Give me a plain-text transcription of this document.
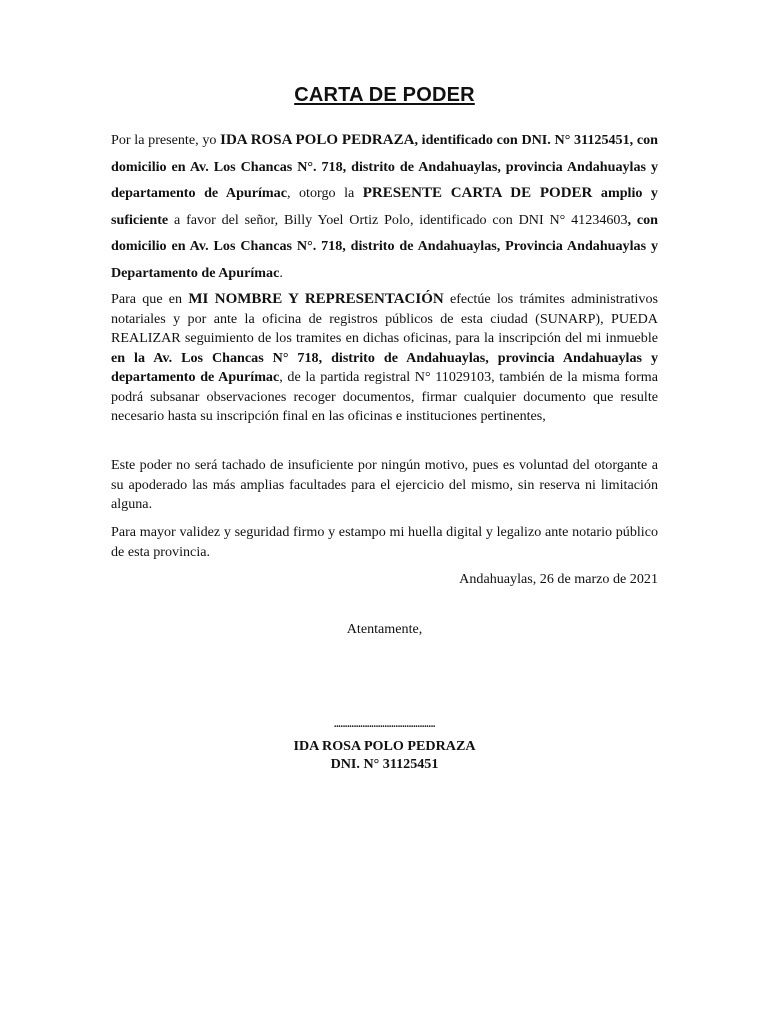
CARTA DE PODER

Por la presente, yo IDA ROSA POLO PEDRAZA, identificado con DNI. N° 31125451, con domicilio en Av. Los Chancas N°. 718, distrito de Andahuaylas, provincia Andahuaylas y departamento de Apurímac, otorgo la PRESENTE CARTA DE PODER amplio y suficiente a favor del señor, Billy Yoel Ortiz Polo, identificado con DNI N° 41234603, con domicilio en Av. Los Chancas N°. 718, distrito de Andahuaylas, Provincia Andahuaylas y Departamento de Apurímac.

Para que en MI NOMBRE Y REPRESENTACIÓN efectúe los trámites administrativos notariales y por ante la oficina de registros públicos de esta ciudad (SUNARP), PUEDA REALIZAR seguimiento de los tramites en dichas oficinas, para la inscripción del mi inmueble en la Av. Los Chancas N° 718, distrito de Andahuaylas, provincia Andahuaylas y departamento de Apurímac, de la partida registral N° 11029103, también de la misma forma podrá subsanar observaciones recoger documentos, firmar cualquier documento que resulte necesario hasta su inscripción final en las oficinas e instituciones pertinentes,

Este poder no será tachado de insuficiente por ningún motivo, pues es voluntad del otorgante a su apoderado las más amplias facultades para el ejercicio del mismo, sin reserva ni limitación alguna.

Para mayor validez y seguridad firmo y estampo mi huella digital y legalizo ante notario público de esta provincia.

Andahuaylas, 26 de marzo de 2021
Atentamente,
..............................................
IDA ROSA POLO PEDRAZA
DNI. N° 31125451
